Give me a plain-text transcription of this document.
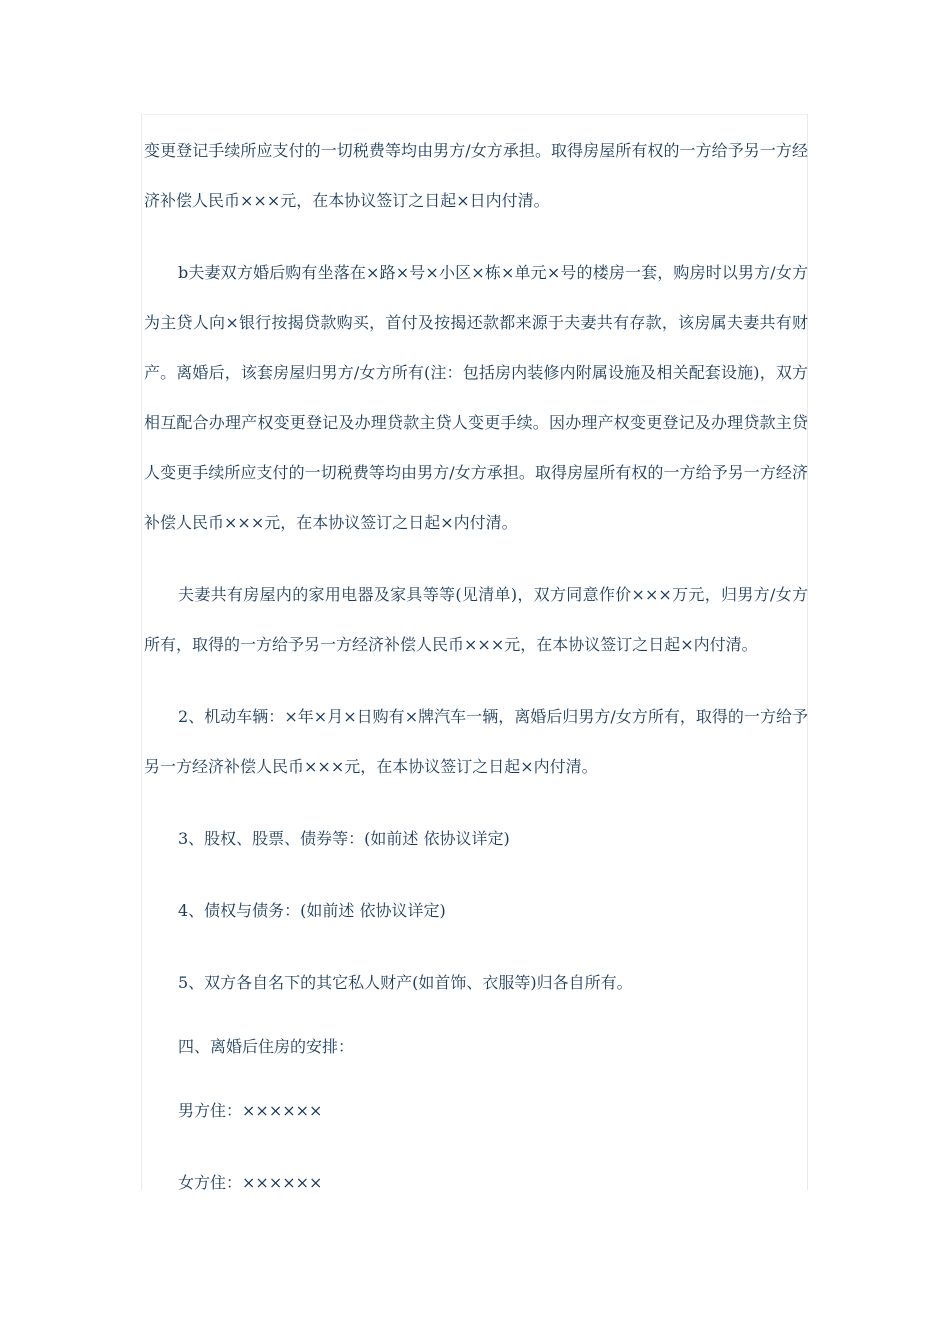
变更登记手续所应支付的一切税费等均由男方/女方承担。取得房屋所有权的一方给予另一方经济补偿人民币×××元，在本协议签订之日起×日内付清。

b夫妻双方婚后购有坐落在×路×号×小区×栋×单元×号的楼房一套，购房时以男方/女方为主贷人向×银行按揭贷款购买，首付及按揭还款都来源于夫妻共有存款，该房属夫妻共有财产。离婚后，该套房屋归男方/女方所有(注：包括房内装修内附属设施及相关配套设施)，双方相互配合办理产权变更登记及办理贷款主贷人变更手续。因办理产权变更登记及办理贷款主贷人变更手续所应支付的一切税费等均由男方/女方承担。取得房屋所有权的一方给予另一方经济补偿人民币×××元，在本协议签订之日起×内付清。

夫妻共有房屋内的家用电器及家具等等(见清单)，双方同意作价×××万元，归男方/女方所有，取得的一方给予另一方经济补偿人民币×××元，在本协议签订之日起×内付清。

2、机动车辆：×年×月×日购有×牌汽车一辆，离婚后归男方/女方所有，取得的一方给予另一方经济补偿人民币×××元，在本协议签订之日起×内付清。

3、股权、股票、债券等：(如前述 依协议详定)

4、债权与债务：(如前述 依协议详定)

5、双方各自名下的其它私人财产(如首饰、衣服等)归各自所有。

四、离婚后住房的安排：

男方住：××××××

女方住：××××××
